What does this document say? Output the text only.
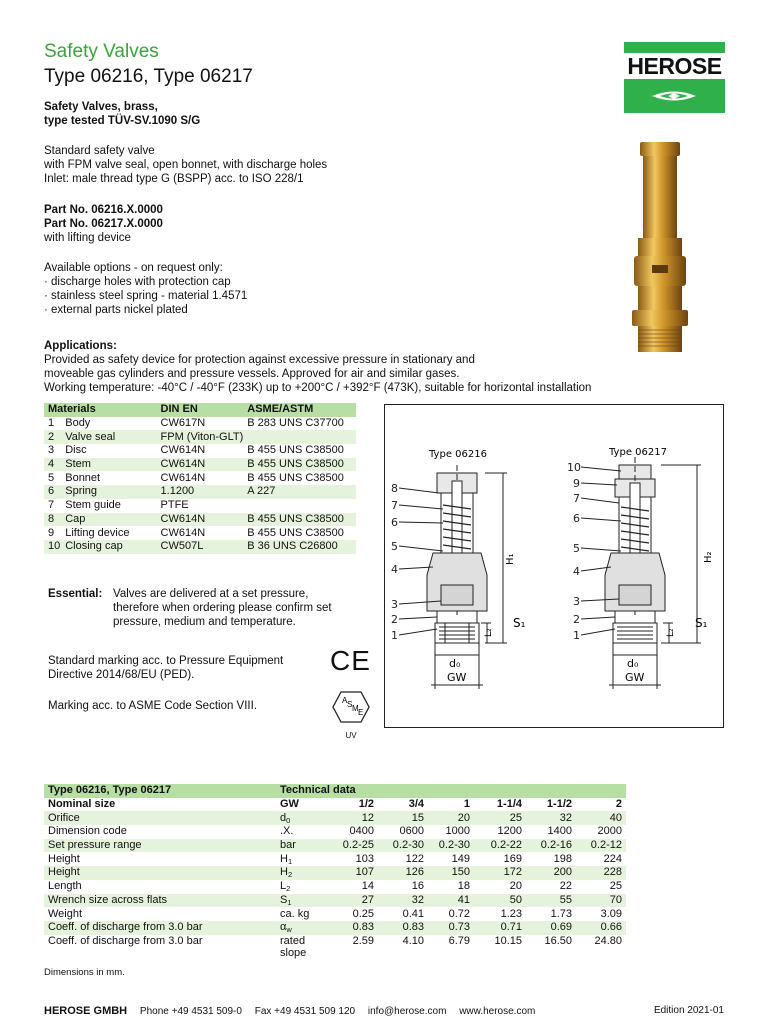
Safety Valves
Type 06216, Type 06217	HEROSE

Safety Valves, brass,

type tested TÜV-SV.1090 S/G

Standard safety valve

with FPM valve seal, open bonnet, with discharge holes

Inlet: male thread type G (BSPP) acc. to ISO 228/1

Part No. 06216.X.0000

Part No. 06217.X.0000

with lifting device

Available options - on request only:

· discharge holes with protection cap

· stainless steel spring - material 1.4571

· external parts nickel plated

Applications:

Provided as safety device for protection against excessive pressure in stationary and

moveable gas cylinders and pressure vessels. Approved for air and similar gases.

Working temperature: -40°C / -40°F (233K) up to +200°C / +392°F (473K), suitable for horizontal installation

Materials		DIN EN	ASME/ASTM
1	Body	CW617N	B 283 UNS C37700
2	Valve seal	FPM (Viton-GLT)	
3	Disc	CW614N	B 455 UNS C38500
4	Stem	CW614N	B 455 UNS C38500
5	Bonnet	CW614N	B 455 UNS C38500
6	Spring	1.1200	A 227
7	Stem guide	PTFE	
8	Cap	CW614N	B 455 UNS C38500
9	Lifting device	CW614N	B 455 UNS C38500
10	Closing cap	CW507L	B 36 UNS C26800
Essential: Valves are delivered at a set pressure,

therefore when ordering please confirm set

pressure, medium and temperature.

Standard marking acc. to Pressure Equipment

Directive 2014/68/EU (PED).	CE
Marking acc. to ASME Code Section VIII.	A S M E
UV
Type 06216	Type 06217
8
7
6
5
4
3
2
1
H₁
L₂
S₁
d₀
GW
10
9
7
6
5
4
3
2
1
H₂
L₂
S₁
d₀
GW
Type 06216, Type 06217	Technical data						
Nominal size	GW	1/2	3/4	1	1-1/4	1-1/2	2
Orifice	$d_0$	12	15	20	25	32	40
Dimension code	.X.	0400	0600	1000	1200	1400	2000
Set pressure range	bar	0.2-25	0.2-30	0.2-30	0.2-22	0.2-16	0.2-12
Height	$H_1$	103	122	149	169	198	224
Height	$H_2$	107	126	150	172	200	228
Length	$L_2$	14	16	18	20	22	25
Wrench size across flats	$S_1$	27	32	41	50	55	70
Weight	ca. kg	0.25	0.41	0.72	1.23	1.73	3.09
Coeff. of discharge from 3.0 bar	$\alpha_w$	0.83	0.83	0.73	0.71	0.69	0.66
Coeff. of discharge from 3.0 bar	rated slope	2.59	4.10	6.79	10.15	16.50	24.80
Dimensions in mm.
HEROSE GMBH Phone +49 4531 509-0 Fax +49 4531 509 120 info@herose.com www.herose.com	Edition 2021-01
